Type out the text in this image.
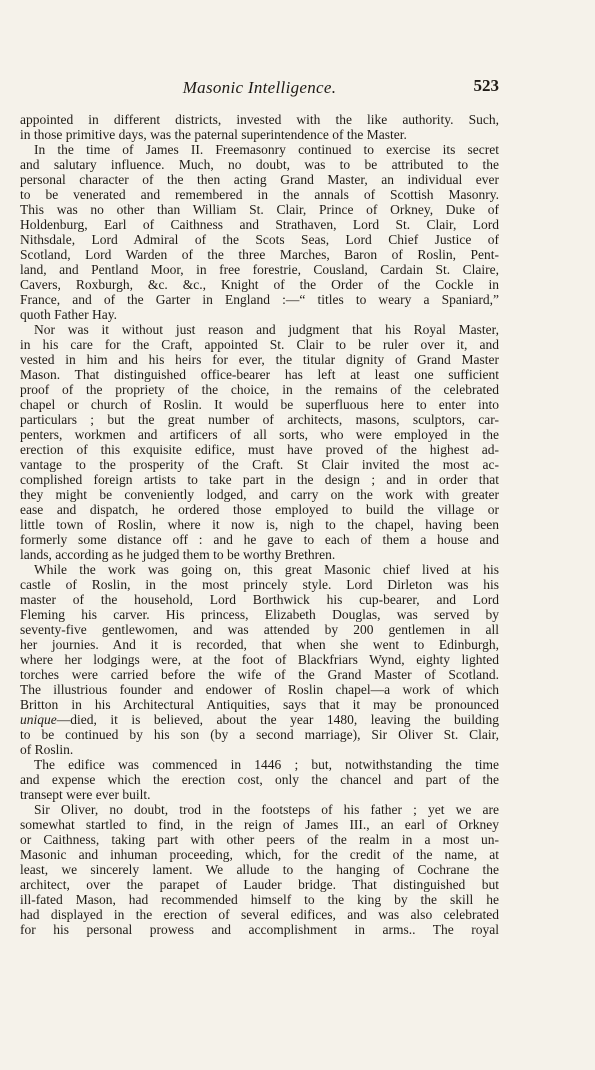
Masonic Intelligence.	523
appointed in different districts, invested with the like authority. Such,
in those primitive days, was the paternal superintendence of the Master.
In the time of James II. Freemasonry continued to exercise its secret
and salutary influence. Much, no doubt, was to be attributed to the
personal character of the then acting Grand Master, an individual ever
to be venerated and remembered in the annals of Scottish Masonry.
This was no other than William St. Clair, Prince of Orkney, Duke of
Holdenburg, Earl of Caithness and Strathaven, Lord St. Clair, Lord
Nithsdale, Lord Admiral of the Scots Seas, Lord Chief Justice of
Scotland, Lord Warden of the three Marches, Baron of Roslin, Pent-
land, and Pentland Moor, in free forestrie, Cousland, Cardain St. Claire,
Cavers, Roxburgh, &c. &c., Knight of the Order of the Cockle in
France, and of the Garter in England :—“ titles to weary a Spaniard,”
quoth Father Hay.
Nor was it without just reason and judgment that his Royal Master,
in his care for the Craft, appointed St. Clair to be ruler over it, and
vested in him and his heirs for ever, the titular dignity of Grand Master
Mason. That distinguished office-bearer has left at least one sufficient
proof of the propriety of the choice, in the remains of the celebrated
chapel or church of Roslin. It would be superfluous here to enter into
particulars ; but the great number of architects, masons, sculptors, car-
penters, workmen and artificers of all sorts, who were employed in the
erection of this exquisite edifice, must have proved of the highest ad-
vantage to the prosperity of the Craft. St Clair invited the most ac-
complished foreign artists to take part in the design ; and in order that
they might be conveniently lodged, and carry on the work with greater
ease and dispatch, he ordered those employed to build the village or
little town of Roslin, where it now is, nigh to the chapel, having been
formerly some distance off : and he gave to each of them a house and
lands, according as he judged them to be worthy Brethren.
While the work was going on, this great Masonic chief lived at his
castle of Roslin, in the most princely style. Lord Dirleton was his
master of the household, Lord Borthwick his cup-bearer, and Lord
Fleming his carver. His princess, Elizabeth Douglas, was served by
seventy-five gentlewomen, and was attended by 200 gentlemen in all
her journies. And it is recorded, that when she went to Edinburgh,
where her lodgings were, at the foot of Blackfriars Wynd, eighty lighted
torches were carried before the wife of the Grand Master of Scotland.
The illustrious founder and endower of Roslin chapel—a work of which
Britton in his Architectural Antiquities, says that it may be pronounced
unique—died, it is believed, about the year 1480, leaving the building
to be continued by his son (by a second marriage), Sir Oliver St. Clair,
of Roslin.
The edifice was commenced in 1446 ; but, notwithstanding the time
and expense which the erection cost, only the chancel and part of the
transept were ever built.
Sir Oliver, no doubt, trod in the footsteps of his father ; yet we are
somewhat startled to find, in the reign of James III., an earl of Orkney
or Caithness, taking part with other peers of the realm in a most un-
Masonic and inhuman proceeding, which, for the credit of the name, at
least, we sincerely lament. We allude to the hanging of Cochrane the
architect, over the parapet of Lauder bridge. That distinguished but
ill-fated Mason, had recommended himself to the king by the skill he
had displayed in the erection of several edifices, and was also celebrated
for his personal prowess and accomplishment in arms.. The royal
